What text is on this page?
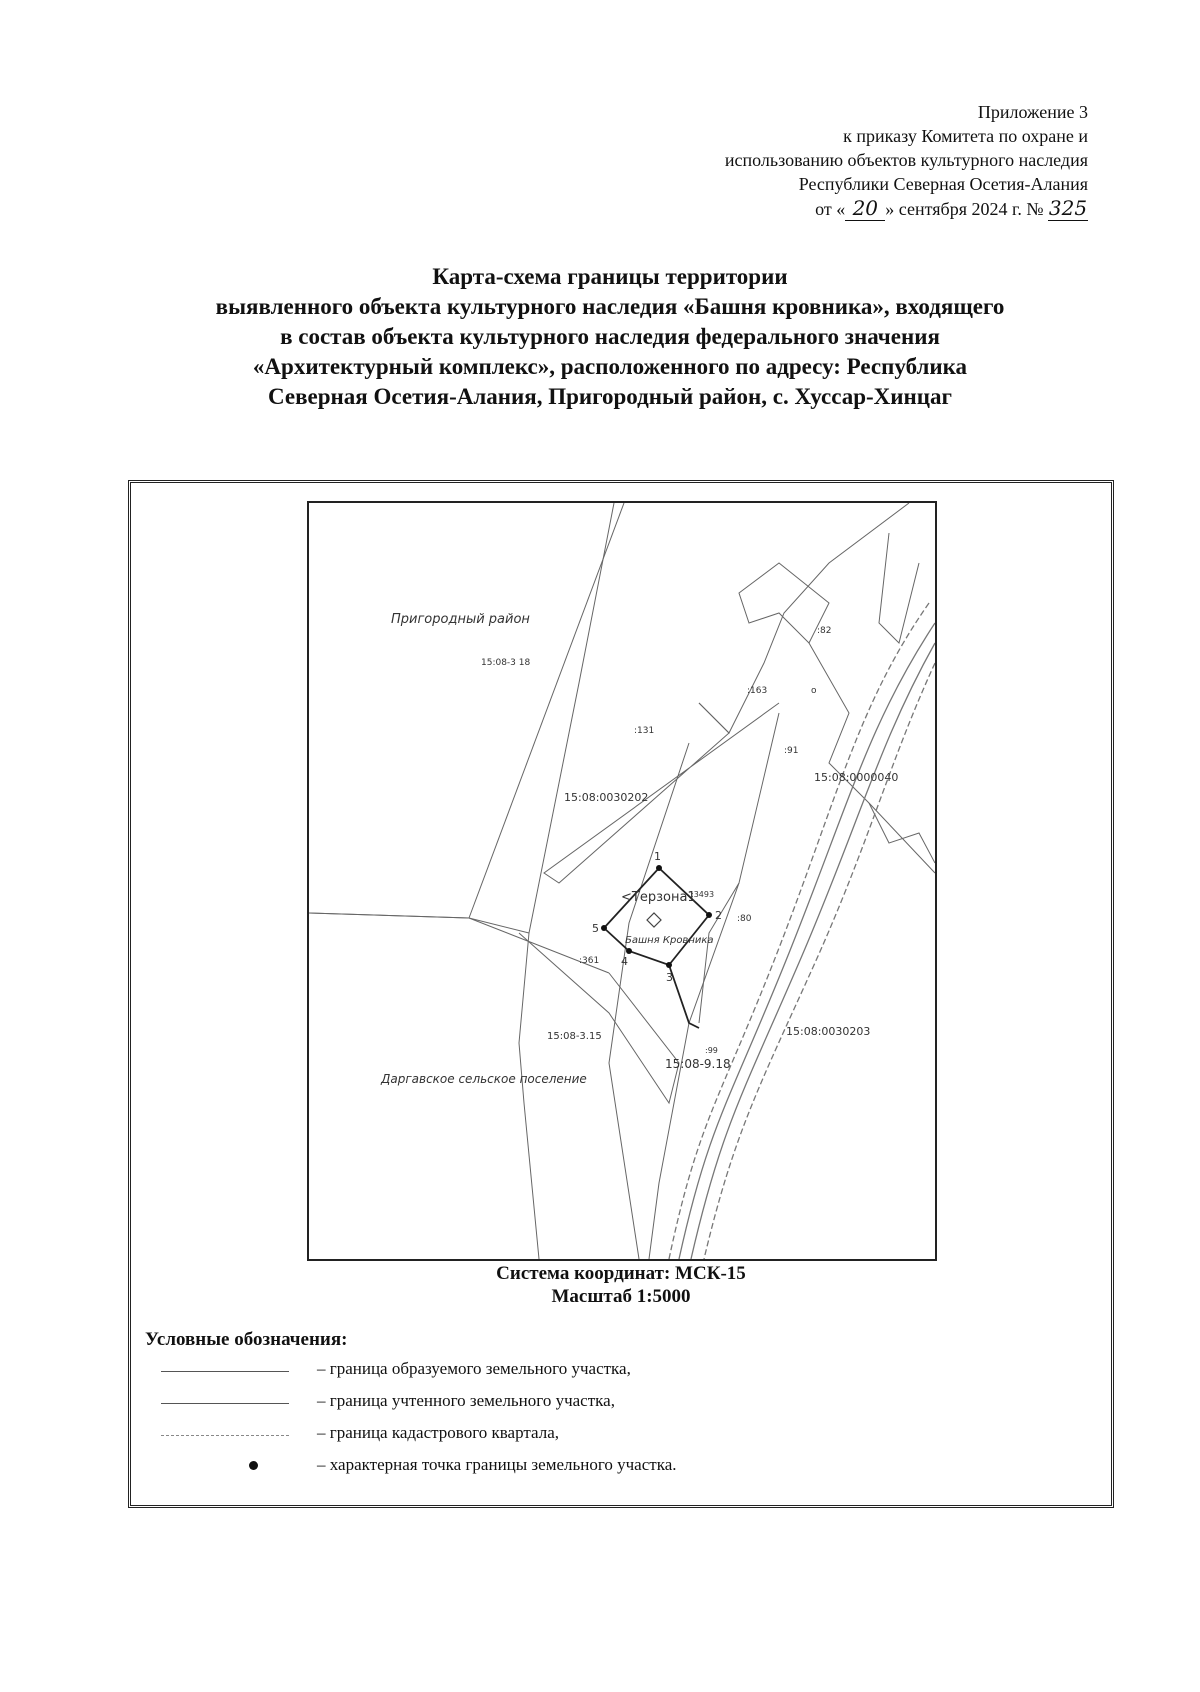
Приложение 3
к приказу Комитета по охране и
использованию объектов культурного наследия
Республики Северная Осетия-Алания
от « 20 » сентября 2024 г. № 325
Карта-схема границы территории
выявленного объекта культурного наследия «Башня кровника», входящего
в состав объекта культурного наследия федерального значения
«Архитектурный комплекс», расположенного по адресу: Республика
Северная Осетия-Алания, Пригородный район, с. Хуссар-Хинцаг
1
2
3
4
5
Пригородный район
15:08-3 18
:131
:163
:82
о
:91
15:08:0030202
15:08:0000040
<Терзона1
:3493
:80
Башня Кровника
:361
15:08:0030203
15:08-3.15
:99
15:08-9.18
Даргавское сельское поселение
Система координат: МСК-15
Масштаб 1:5000
Условные обозначения:
– граница образуемого земельного участка,
– граница учтенного земельного участка,
– граница кадастрового квартала,
– характерная точка границы земельного участка.
